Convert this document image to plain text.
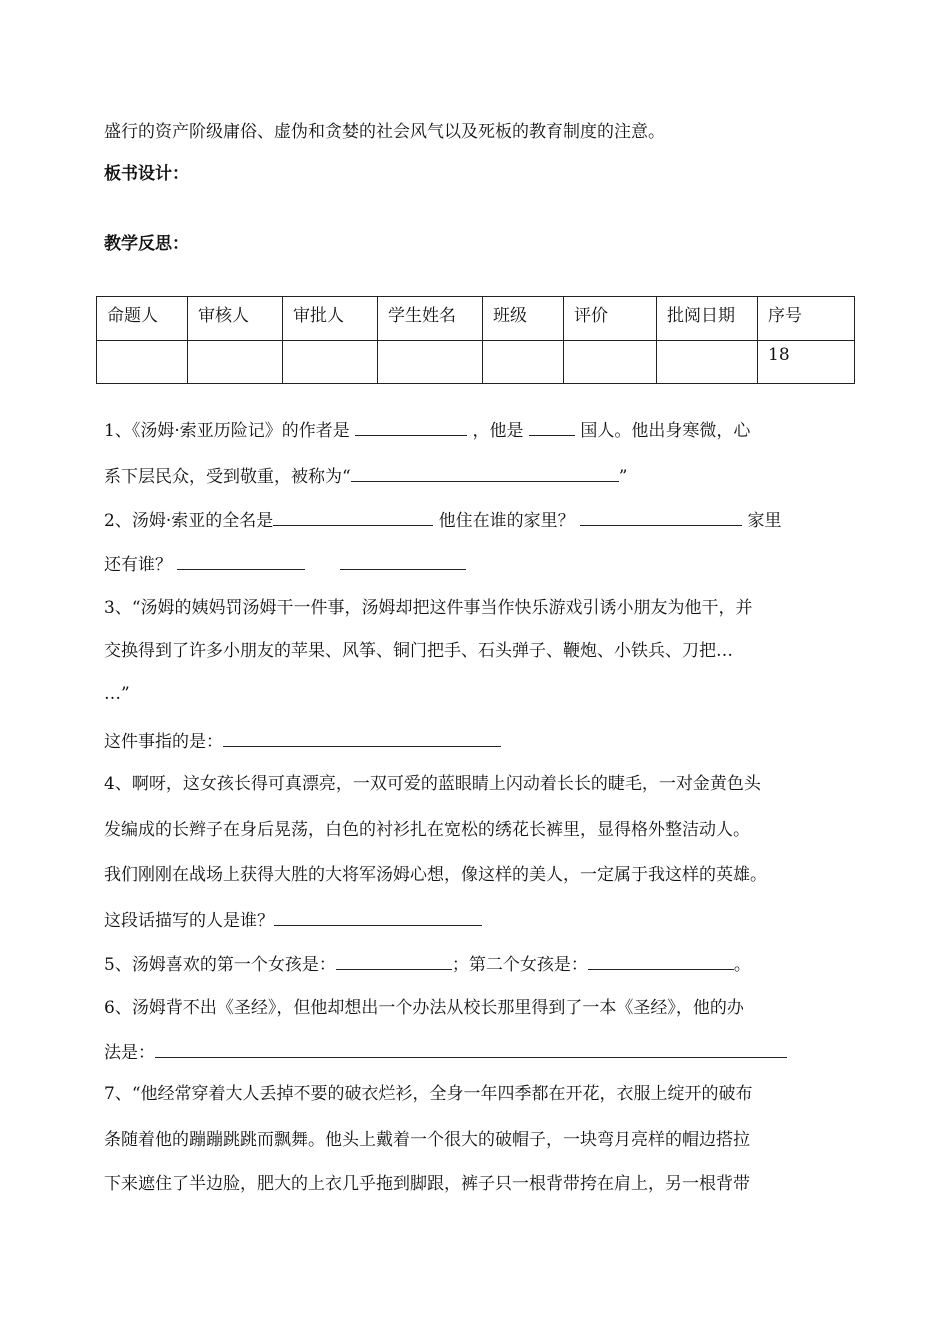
盛行的资产阶级庸俗、虚伪和贪婪的社会风气以及死板的教育制度的注意。
板书设计：
教学反思：
命题人	审核人	审批人	学生姓名	班级	评价	批阅日期	序号
							18
1、《汤姆·索亚历险记》的作者是	，他是	国人。他出身寒微，心
系下层民众，受到敬重，被称为“	”
2、汤姆·索亚的全名是	他住在谁的家里？	家里
还有谁？
3、“汤姆的姨妈罚汤姆干一件事，汤姆却把这件事当作快乐游戏引诱小朋友为他干，并
交换得到了许多小朋友的苹果、风筝、铜门把手、石头弹子、鞭炮、小铁兵、刀把…
…”
这件事指的是：
4、啊呀，这女孩长得可真漂亮，一双可爱的蓝眼睛上闪动着长长的睫毛，一对金黄色头
发编成的长辫子在身后晃荡，白色的衬衫扎在宽松的绣花长裤里，显得格外整洁动人。
我们刚刚在战场上获得大胜的大将军汤姆心想，像这样的美人，一定属于我这样的英雄。
这段话描写的人是谁？
5、汤姆喜欢的第一个女孩是：	；第二个女孩是：	。
6、汤姆背不出《圣经》，但他却想出一个办法从校长那里得到了一本《圣经》，他的办
法是：
7、“他经常穿着大人丢掉不要的破衣烂衫，全身一年四季都在开花，衣服上绽开的破布
条随着他的蹦蹦跳跳而飘舞。他头上戴着一个很大的破帽子，一块弯月亮样的帽边搭拉
下来遮住了半边脸，肥大的上衣几乎拖到脚跟，裤子只一根背带挎在肩上，另一根背带
